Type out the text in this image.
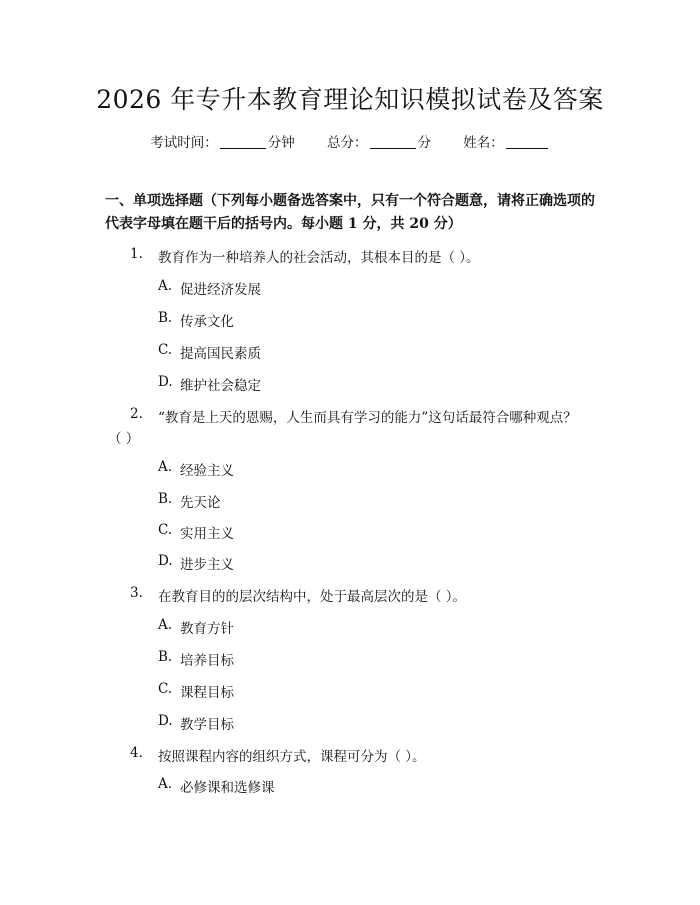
2026 年专升本教育理论知识模拟试卷及答案
考试时间：	分钟 总分：	分 姓名：
一、单项选择题（下列每小题备选答案中，只有一个符合题意，请将正确选项的代表字母填在题干后的括号内。每小题 1 分，共 20 分）
1. 教育作为一种培养人的社会活动，其根本目的是（ ）。
A. 促进经济发展
B. 传承文化
C. 提高国民素质
D. 维护社会稳定
2. “教育是上天的恩赐，人生而具有学习的能力”这句话最符合哪种观点？
（ ）
A. 经验主义
B. 先天论
C. 实用主义
D. 进步主义
3. 在教育目的的层次结构中，处于最高层次的是（ ）。
A. 教育方针
B. 培养目标
C. 课程目标
D. 教学目标
4. 按照课程内容的组织方式，课程可分为（ ）。
A. 必修课和选修课
